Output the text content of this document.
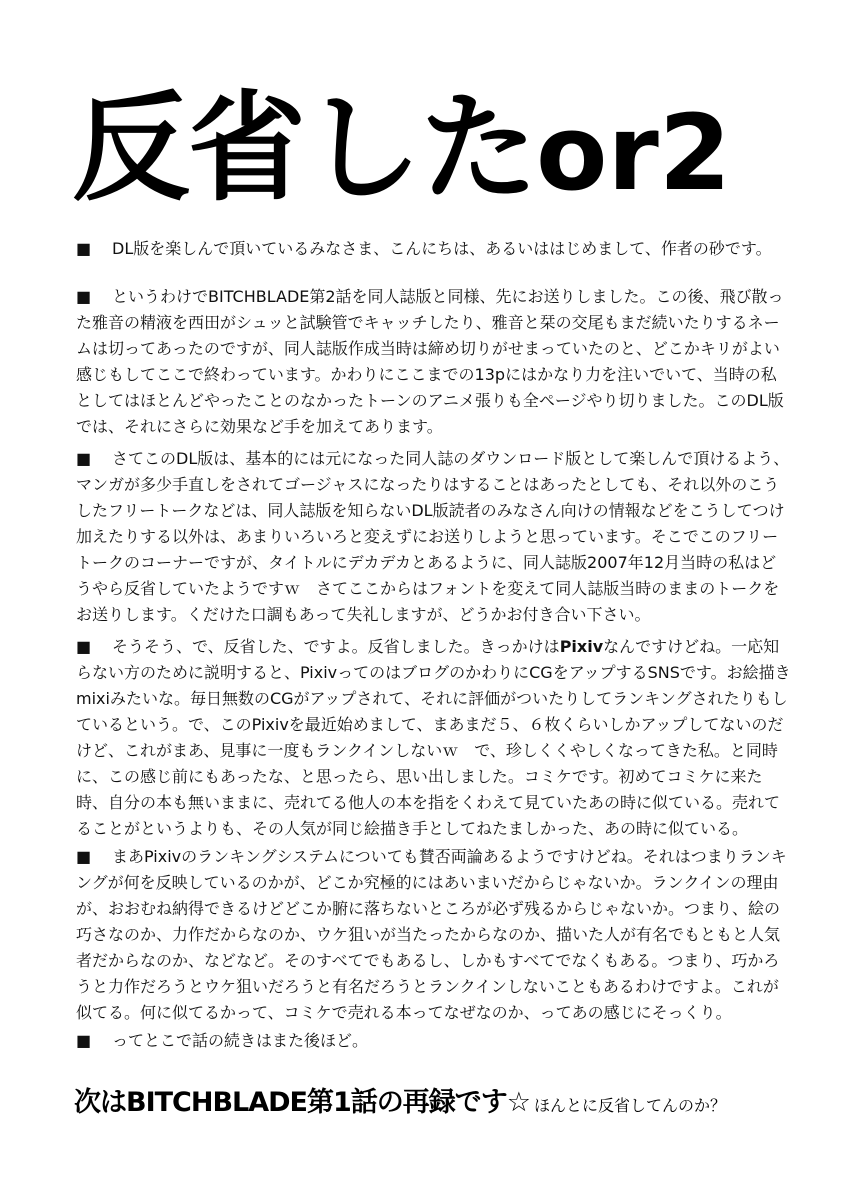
反省したor2

■ DL版を楽しんで頂いているみなさま、こんにちは、あるいははじめまして、作者の砂です。

■ というわけでBITCHBLADE第2話を同人誌版と同様、先にお送りしました。この後、飛び散った雅音の精液を西田がシュッと試験管でキャッチしたり、雅音と栞の交尾もまだ続いたりするネームは切ってあったのですが、同人誌版作成当時は締め切りがせまっていたのと、どこかキリがよい感じもしてここで終わっています。かわりにここまでの13pにはかなり力を注いでいて、当時の私としてはほとんどやったことのなかったトーンのアニメ張りも全ページやり切りました。このDL版では、それにさらに効果など手を加えてあります。

■ さてこのDL版は、基本的には元になった同人誌のダウンロード版として楽しんで頂けるよう、マンガが多少手直しをされてゴージャスになったりはすることはあったとしても、それ以外のこうしたフリートークなどは、同人誌版を知らないDL版読者のみなさん向けの情報などをこうしてつけ加えたりする以外は、あまりいろいろと変えずにお送りしようと思っています。そこでこのフリートークのコーナーですが、タイトルにデカデカとあるように、同人誌版2007年12月当時の私はどうやら反省していたようですｗ　さてここからはフォントを変えて同人誌版当時のままのトークをお送りします。くだけた口調もあって失礼しますが、どうかお付き合い下さい。

■ そうそう、で、反省した、ですよ。反省しました。きっかけはPixivなんですけどね。一応知らない方のために説明すると、PixivってのはブログのかわりにCGをアップするSNSです。お絵描きmixiみたいな。毎日無数のCGがアップされて、それに評価がついたりしてランキングされたりもしているという。で、このPixivを最近始めまして、まあまだ５、６枚くらいしかアップしてないのだけど、これがまあ、見事に一度もランクインしないｗ　で、珍しくくやしくなってきた私。と同時に、この感じ前にもあったな、と思ったら、思い出しました。コミケです。初めてコミケに来た時、自分の本も無いままに、売れてる他人の本を指をくわえて見ていたあの時に似ている。売れてることがというよりも、その人気が同じ絵描き手としてねたましかった、あの時に似ている。

■ まあPixivのランキングシステムについても賛否両論あるようですけどね。それはつまりランキングが何を反映しているのかが、どこか究極的にはあいまいだからじゃないか。ランクインの理由が、おおむね納得できるけどどこか腑に落ちないところが必ず残るからじゃないか。つまり、絵の巧さなのか、力作だからなのか、ウケ狙いが当たったからなのか、描いた人が有名でもともと人気者だからなのか、などなど。そのすべてでもあるし、しかもすべてでなくもある。つまり、巧かろうと力作だろうとウケ狙いだろうと有名だろうとランクインしないこともあるわけですよ。これが似てる。何に似てるかって、コミケで売れる本ってなぜなのか、ってあの感じにそっくり。

■ ってとこで話の続きはまた後ほど。

次はBITCHBLADE第1話の再録です☆ ほんとに反省してんのか？
